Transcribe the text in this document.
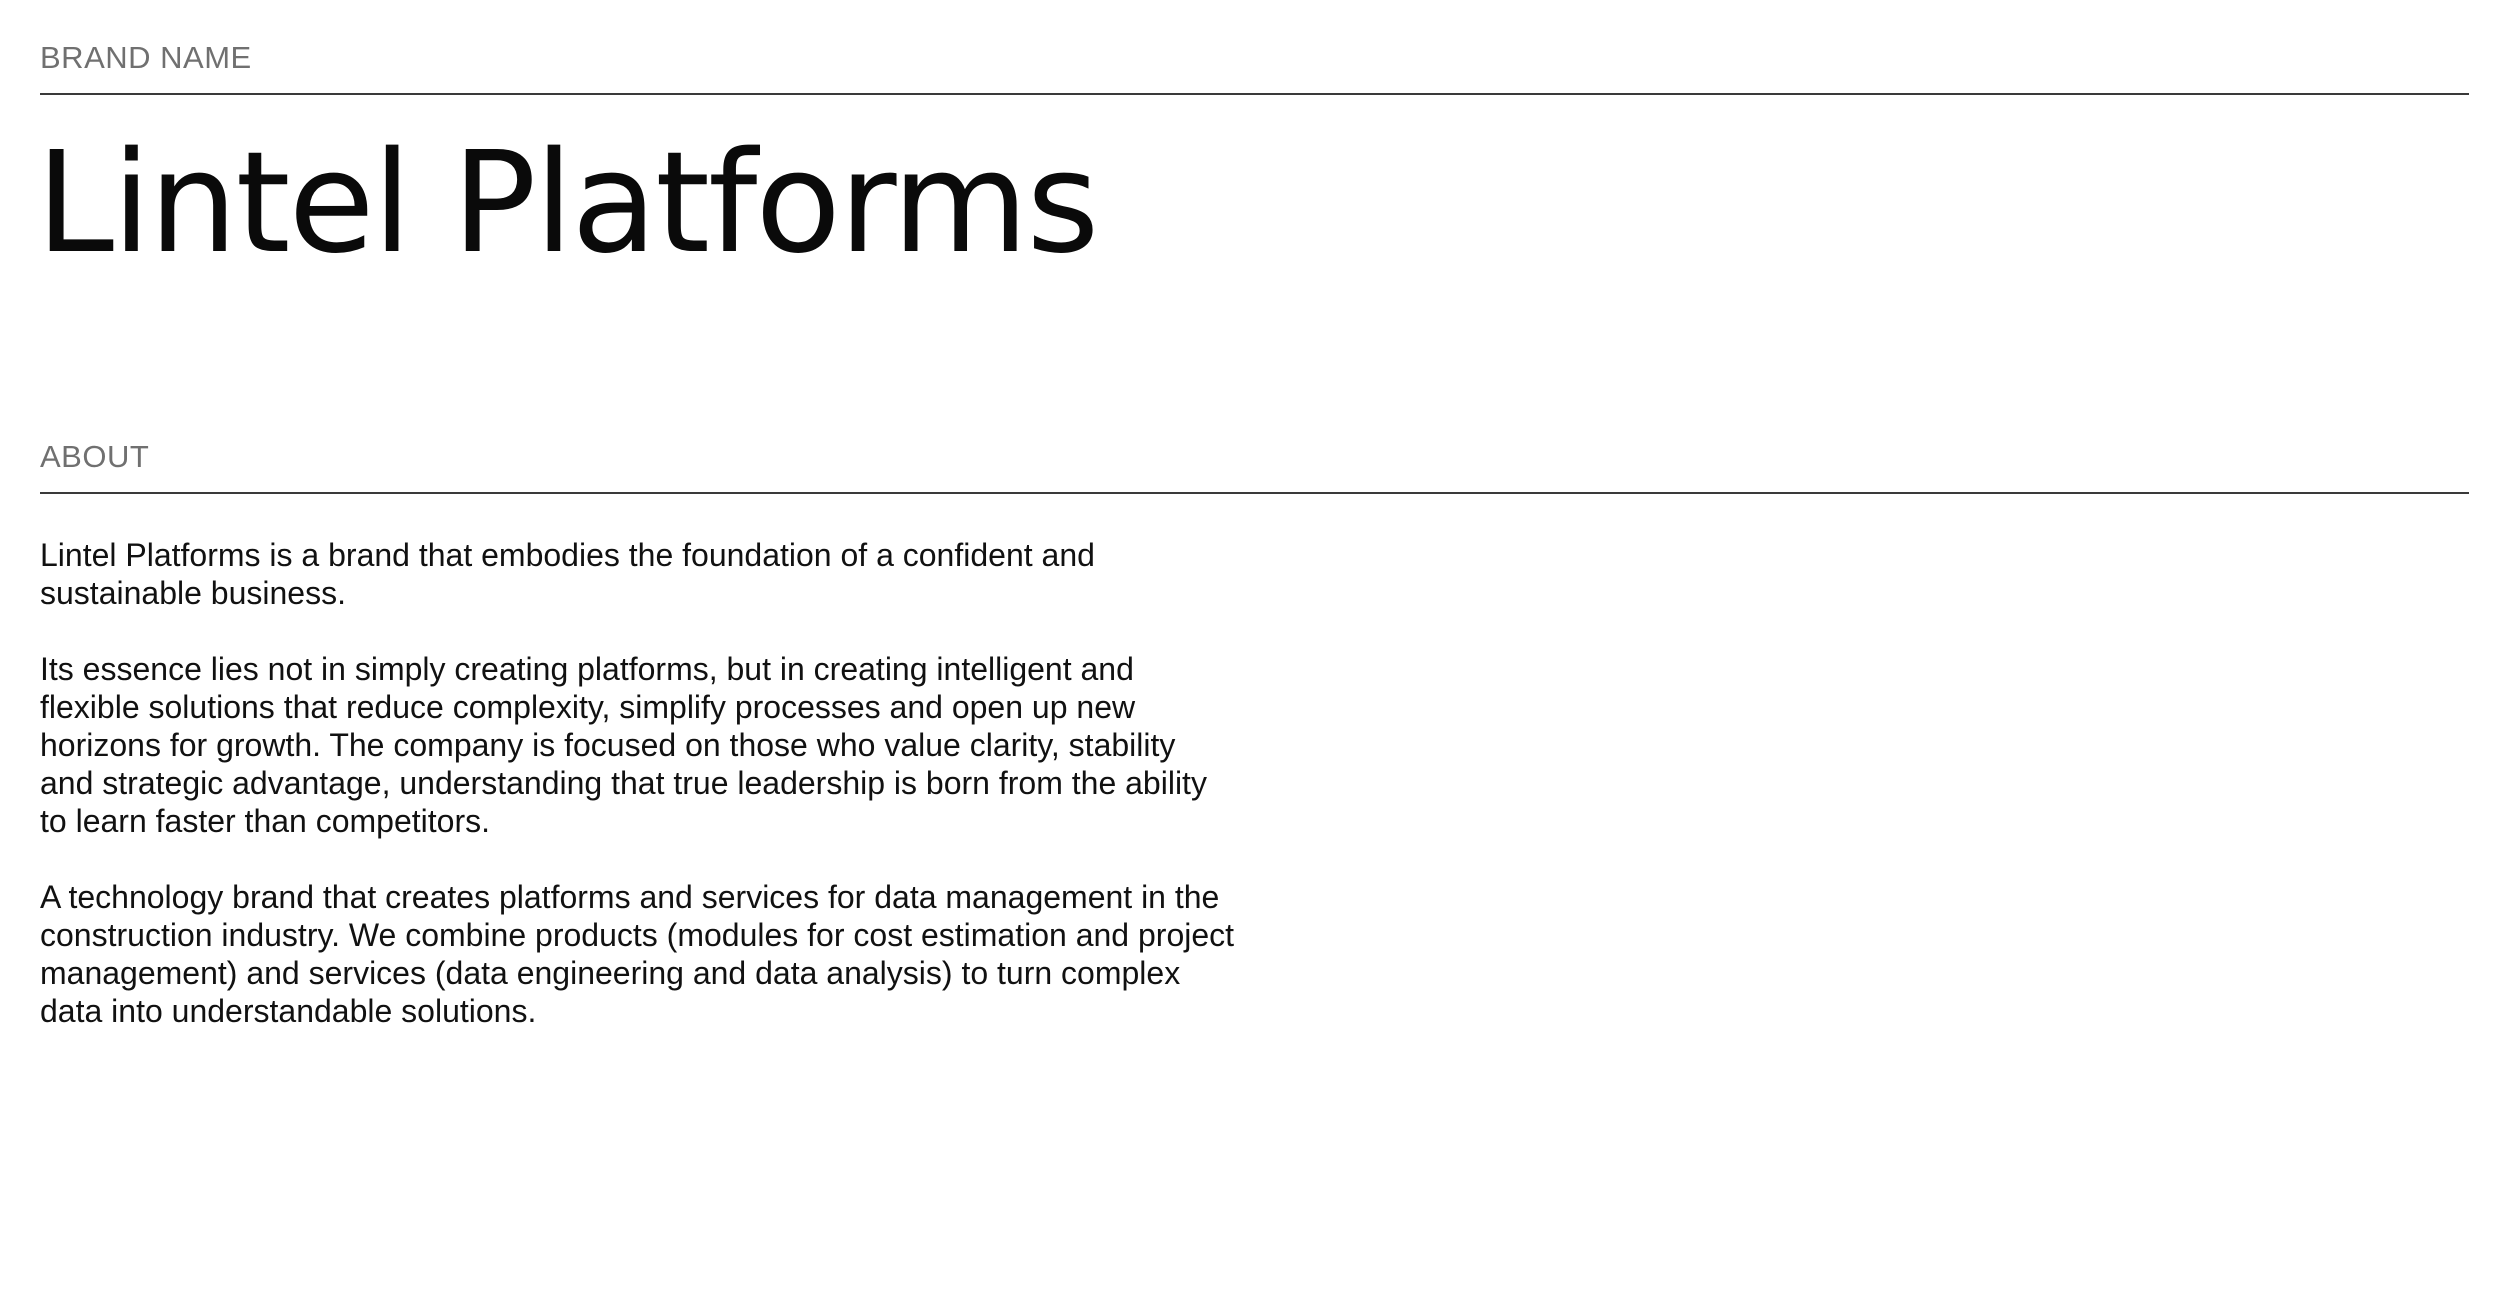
BRAND NAME
Lintel Platforms
ABOUT

Lintel Platforms is a brand that embodies the foundation of a confident and sustainable business.

Its essence lies not in simply creating platforms, but in creating intelligent and flexible solutions that reduce complexity, simplify processes and open up new horizons for growth. The company is focused on those who value clarity, stability and strategic advantage, understanding that true leadership is born from the ability to learn faster than competitors.

A technology brand that creates platforms and services for data management in the construction industry. We combine products (modules for cost estimation and project management) and services (data engineering and data analysis) to turn complex data into understandable solutions.
